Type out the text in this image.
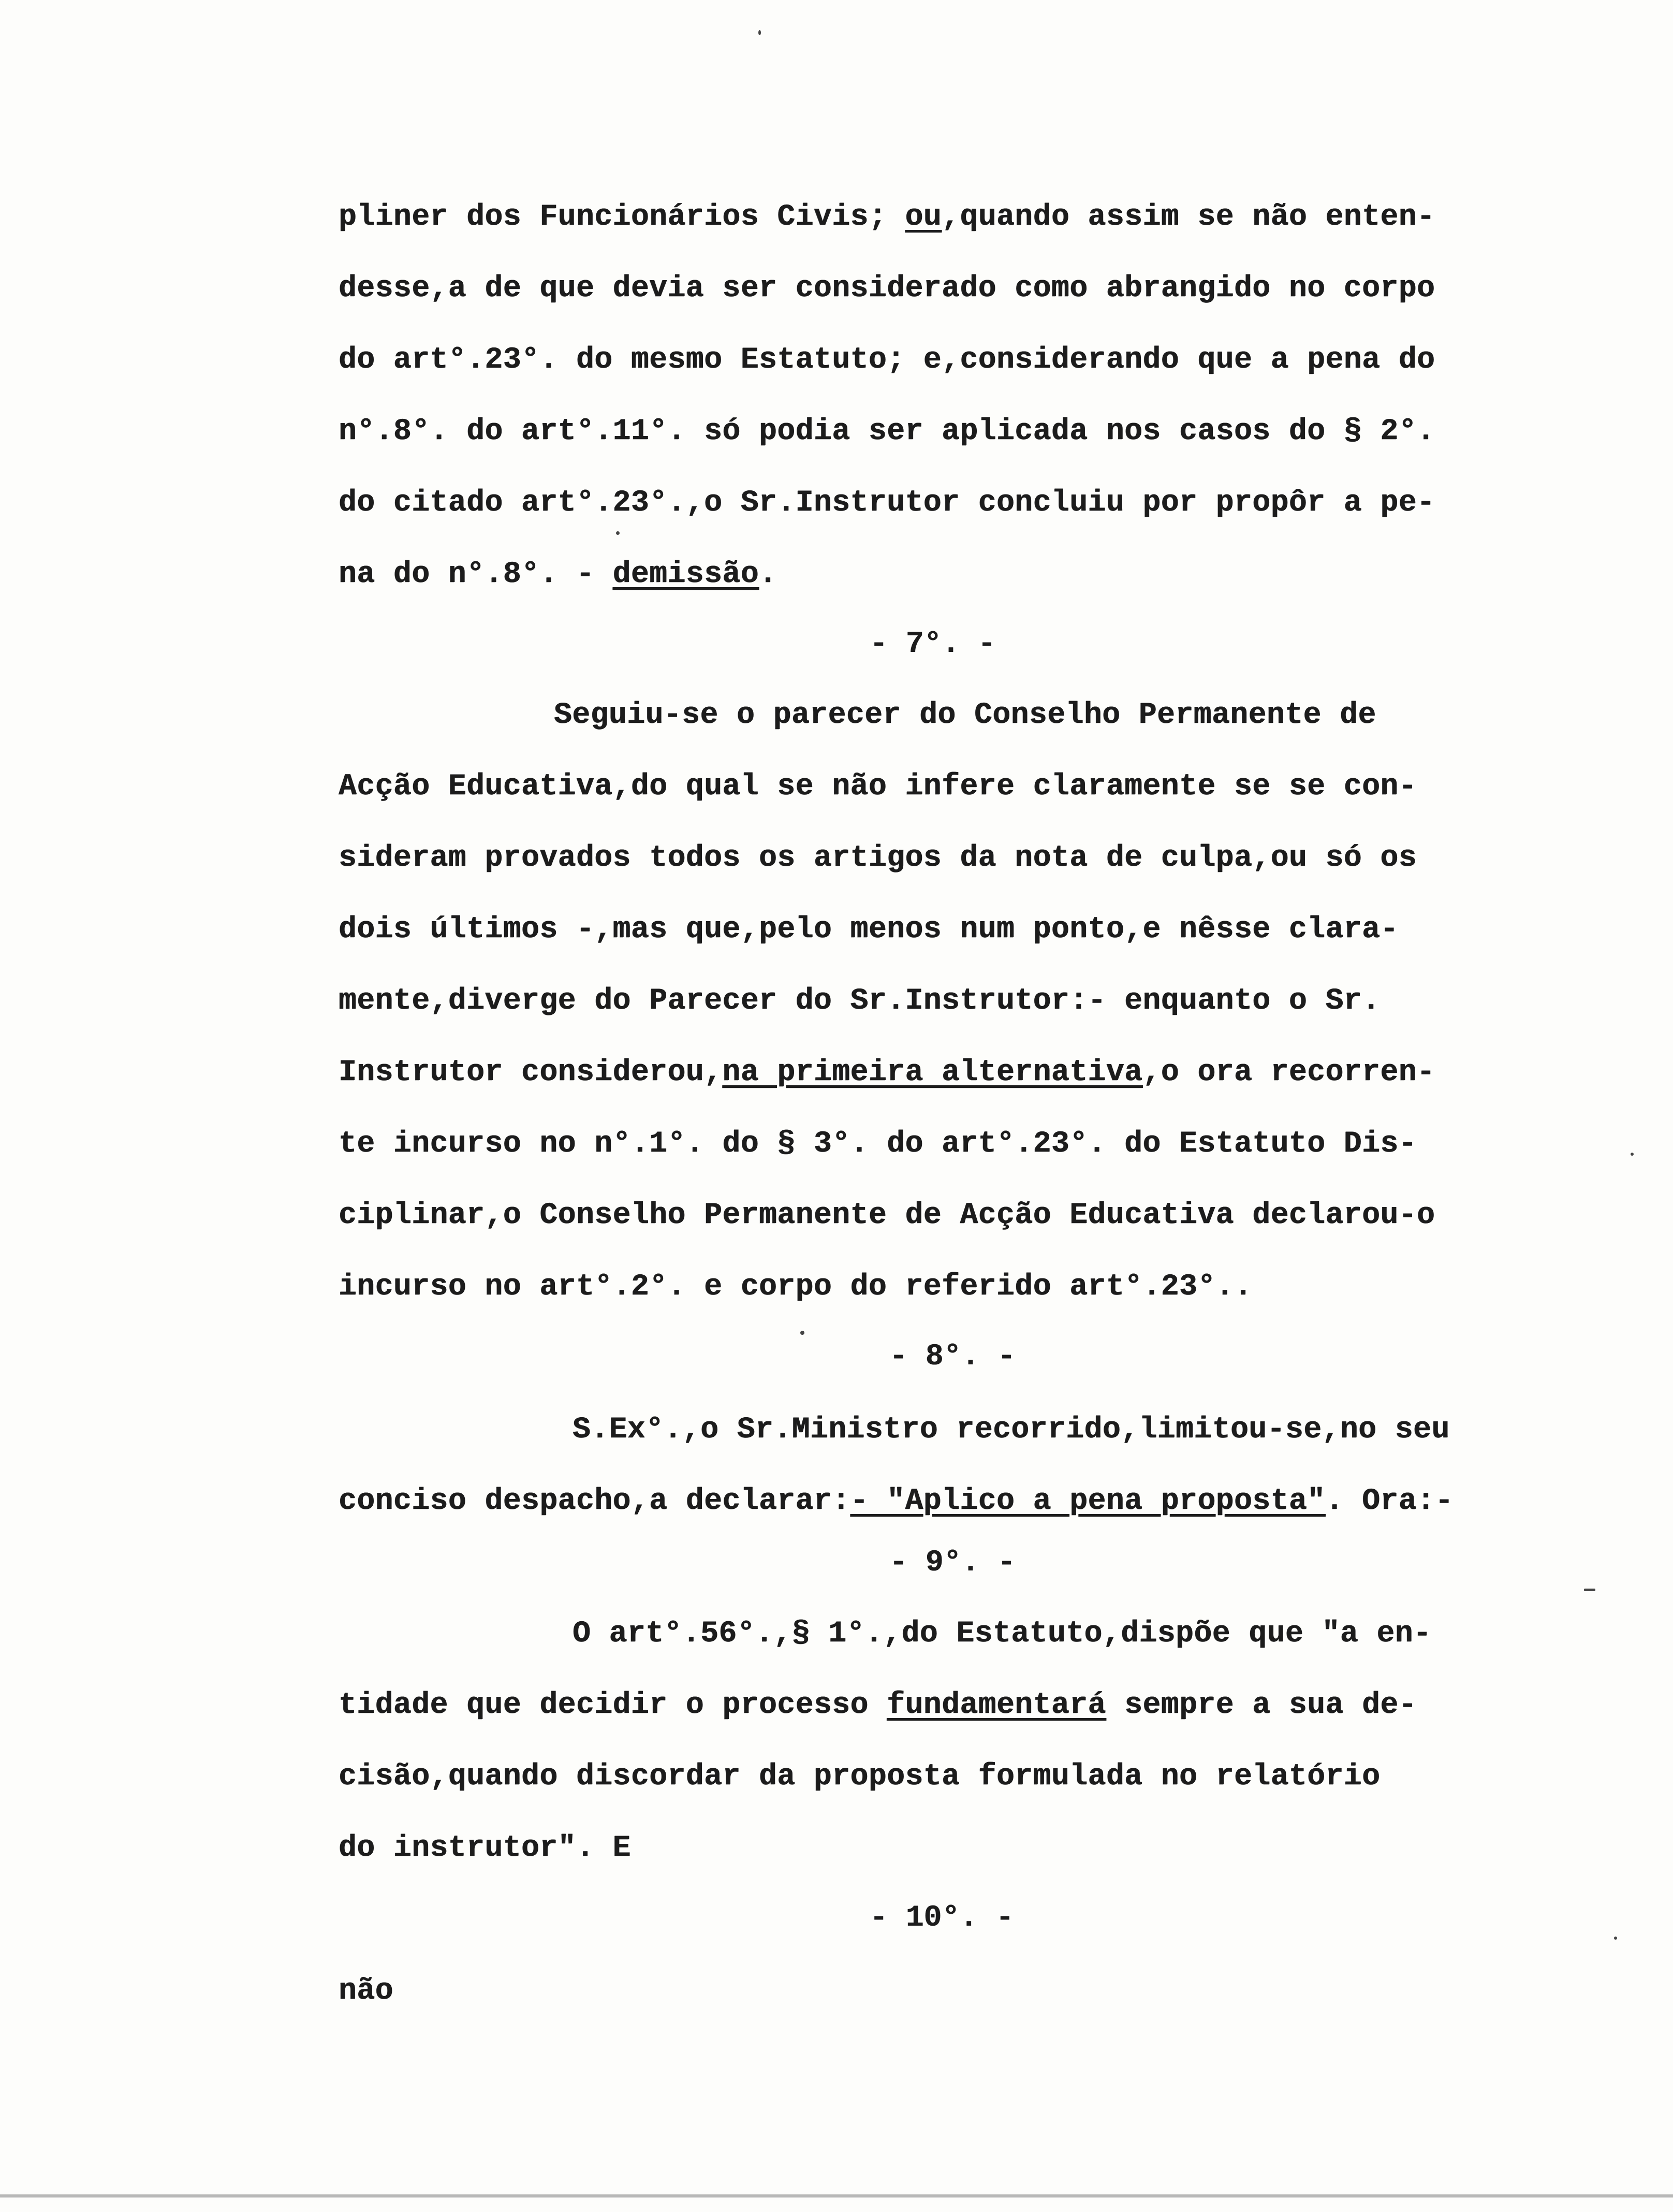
pliner dos Funcionários Civis; ou,quando assim se não enten-
desse,a de que devia ser considerado como abrangido no corpo
do art°.23°. do mesmo Estatuto; e,considerando que a pena do
n°.8°. do art°.11°. só podia ser aplicada nos casos do § 2°.
do citado art°.23°.,o Sr.Instrutor concluiu por propôr a pe-
na do n°.8°. - demissão.
- 7°. -
Seguiu-se o parecer do Conselho Permanente de
Acção Educativa,do qual se não infere claramente se se con-
sideram provados todos os artigos da nota de culpa,ou só os
dois últimos -,mas que,pelo menos num ponto,e nêsse clara-
mente,diverge do Parecer do Sr.Instrutor:- enquanto o Sr.
Instrutor considerou,na primeira alternativa,o ora recorren-
te incurso no n°.1°. do § 3°. do art°.23°. do Estatuto Dis-
ciplinar,o Conselho Permanente de Acção Educativa declarou-o
incurso no art°.2°. e corpo do referido art°.23°..
- 8°. -
S.Ex°.,o Sr.Ministro recorrido,limitou-se,no seu
conciso despacho,a declarar:- "Aplico a pena proposta". Ora:-
- 9°. -
O art°.56°.,§ 1°.,do Estatuto,dispõe que "a en-
tidade que decidir o processo fundamentará sempre a sua de-
cisão,quando discordar da proposta formulada no relatório
do instrutor". E
- 10°. -
não
